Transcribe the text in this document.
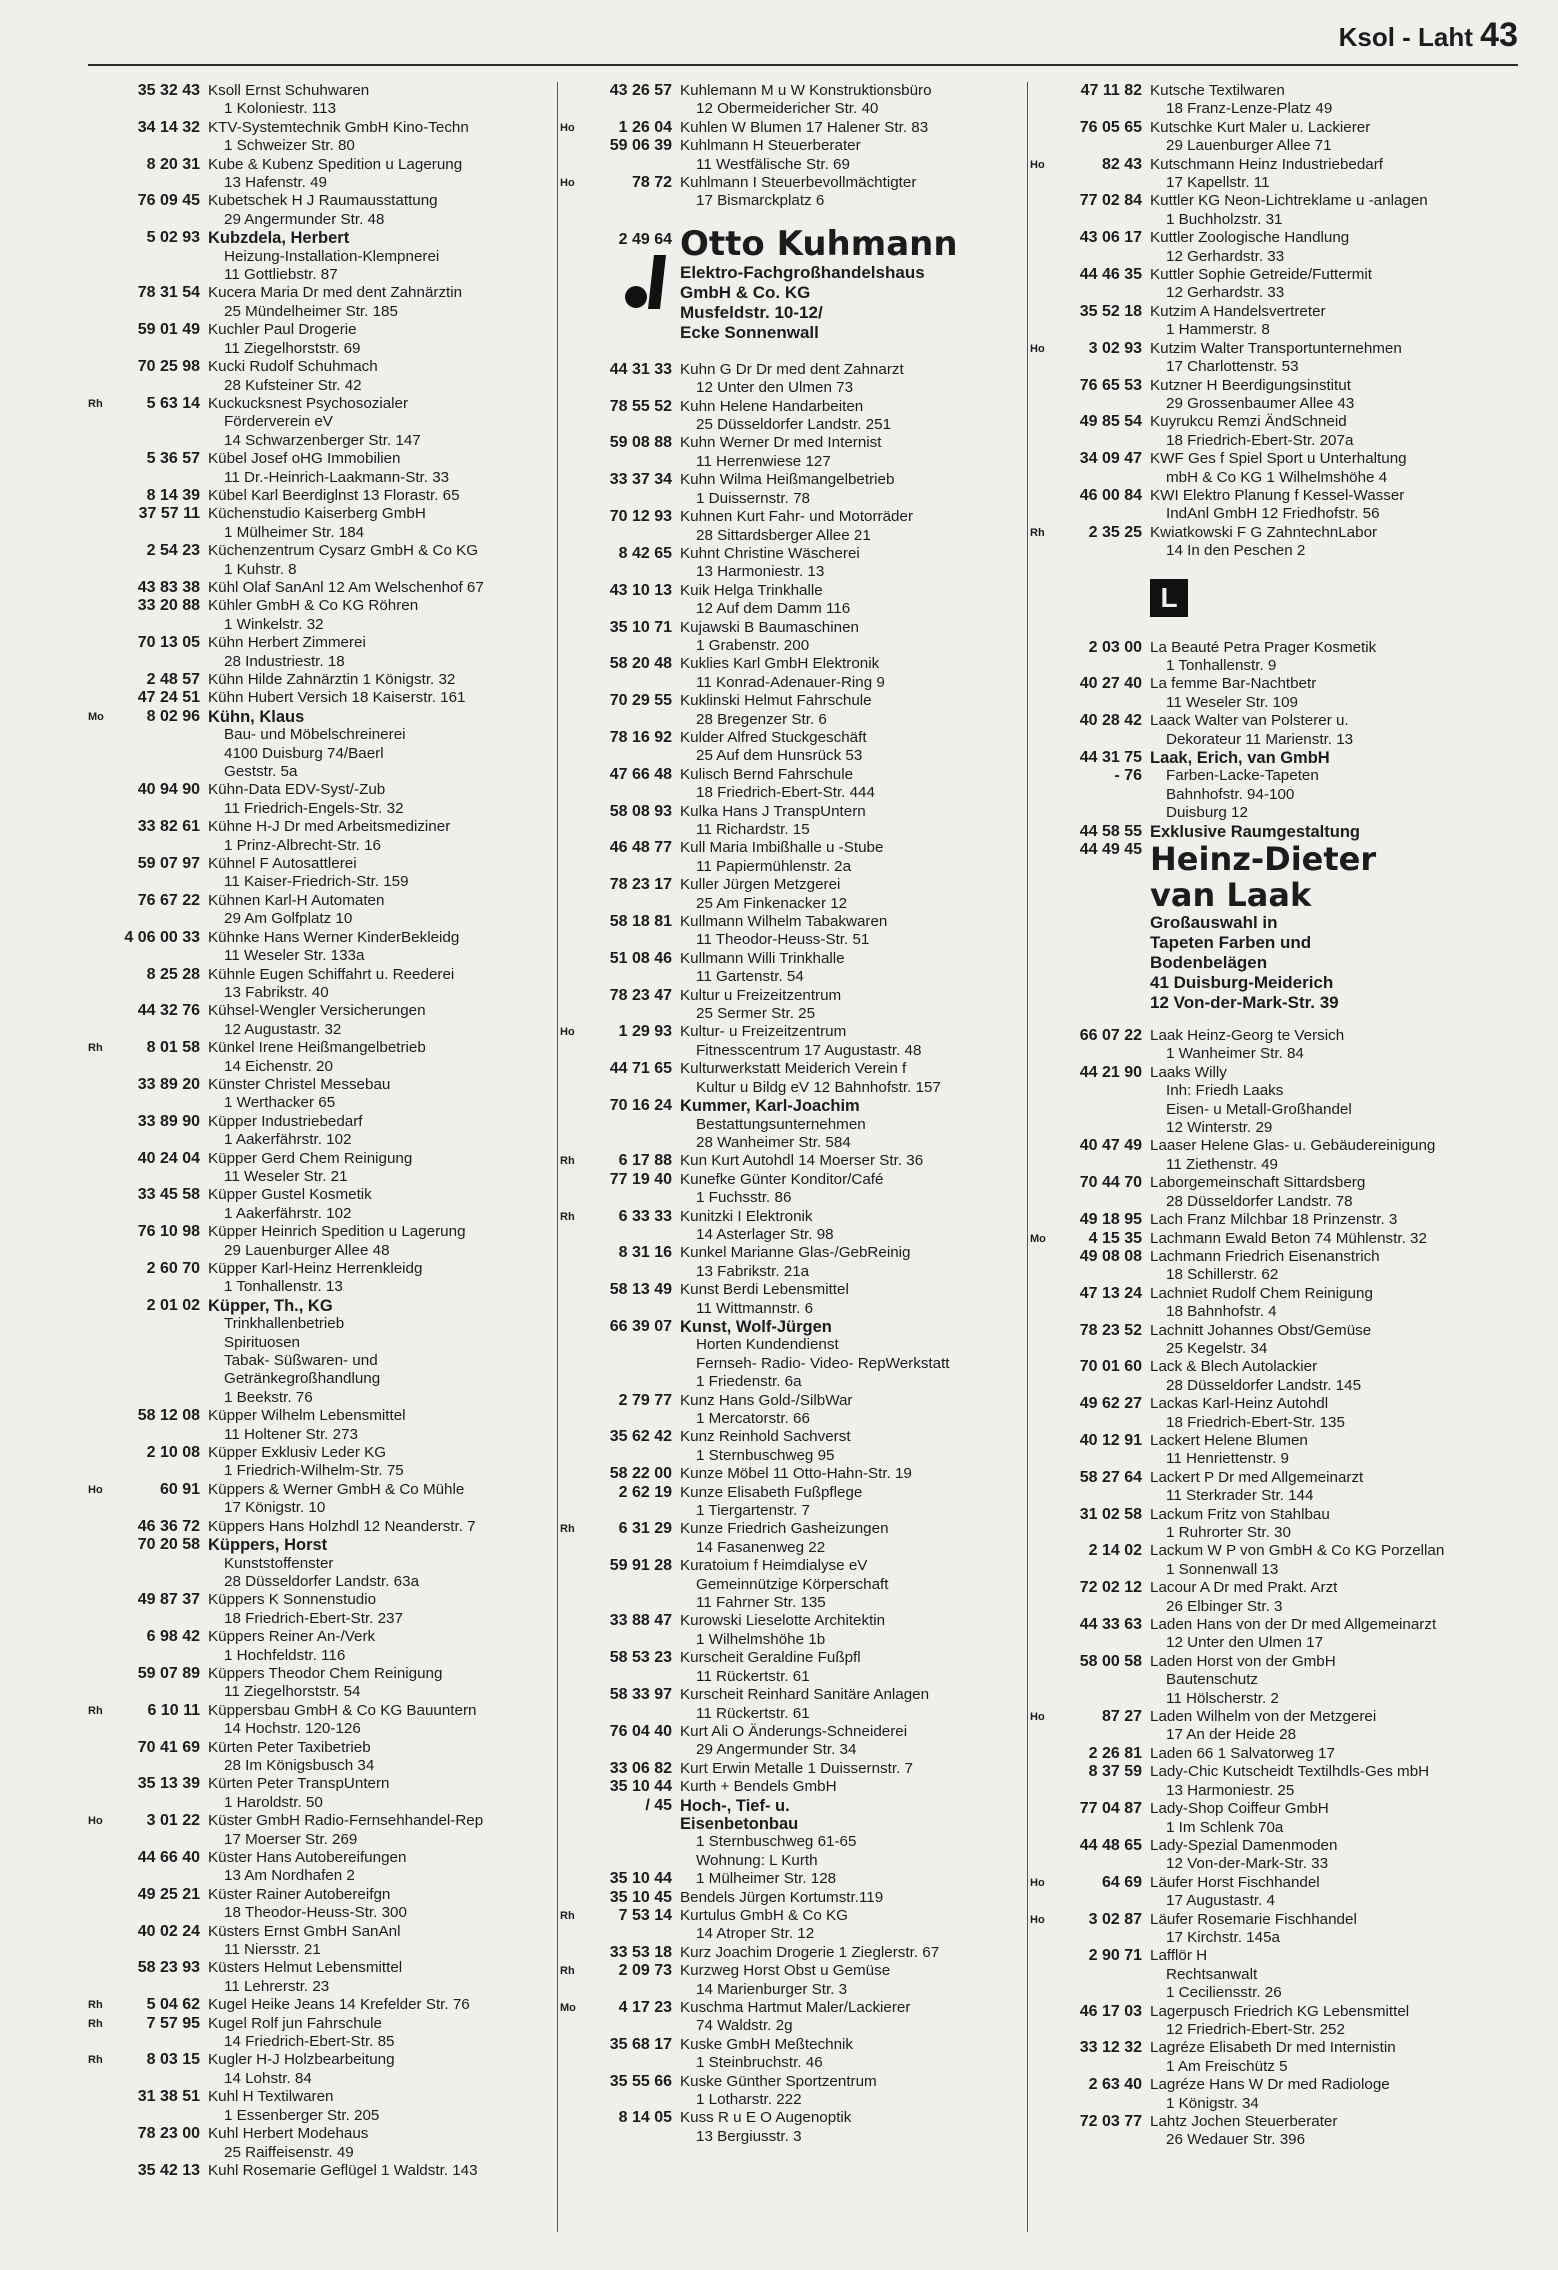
Ksol - Laht 43
35 32 43 Ksoll Ernst Schuhwaren
1 Koloniestr. 113
34 14 32 KTV-Systemtechnik GmbH Kino-Techn
1 Schweizer Str. 80
8 20 31 Kube & Kubenz Spedition u Lagerung
13 Hafenstr. 49
76 09 45 Kubetschek H J Raumausstattung
29 Angermunder Str. 48
5 02 93 Kubzdela, Herbert
Heizung-Installation-Klempnerei
11 Gottliebstr. 87
78 31 54 Kucera Maria Dr med dent Zahnärztin
25 Mündelheimer Str. 185
59 01 49 Kuchler Paul Drogerie
11 Ziegelhorststr. 69
70 25 98 Kucki Rudolf Schuhmach
28 Kufsteiner Str. 42
Rh	5 63 14 Kuckucksnest Psychosozialer
Förderverein eV
14 Schwarzenberger Str. 147
5 36 57 Kübel Josef oHG Immobilien
11 Dr.-Heinrich-Laakmann-Str. 33
8 14 39 Kübel Karl Beerdiglnst 13 Florastr. 65
37 57 11 Küchenstudio Kaiserberg GmbH
1 Mülheimer Str. 184
2 54 23 Küchenzentrum Cysarz GmbH & Co KG
1 Kuhstr. 8
43 83 38 Kühl Olaf SanAnl 12 Am Welschenhof 67
33 20 88 Kühler GmbH & Co KG Röhren
1 Winkelstr. 32
70 13 05 Kühn Herbert Zimmerei
28 Industriestr. 18
2 48 57 Kühn Hilde Zahnärztin 1 Königstr. 32
47 24 51 Kühn Hubert Versich 18 Kaiserstr. 161
Mo	8 02 96 Kühn, Klaus
Bau- und Möbelschreinerei
4100 Duisburg 74/Baerl
Geststr. 5a
40 94 90 Kühn-Data EDV-Syst/-Zub
11 Friedrich-Engels-Str. 32
33 82 61 Kühne H-J Dr med Arbeitsmediziner
1 Prinz-Albrecht-Str. 16
59 07 97 Kühnel F Autosattlerei
11 Kaiser-Friedrich-Str. 159
76 67 22 Kühnen Karl-H Automaten
29 Am Golfplatz 10
4 06 00 33 Kühnke Hans Werner KinderBekleidg
11 Weseler Str. 133a
8 25 28 Kühnle Eugen Schiffahrt u. Reederei
13 Fabrikstr. 40
44 32 76 Kühsel-Wengler Versicherungen
12 Augustastr. 32
Rh	8 01 58 Künkel Irene Heißmangelbetrieb
14 Eichenstr. 20
33 89 20 Künster Christel Messebau
1 Werthacker 65
33 89 90 Küpper Industriebedarf
1 Aakerfährstr. 102
40 24 04 Küpper Gerd Chem Reinigung
11 Weseler Str. 21
33 45 58 Küpper Gustel Kosmetik
1 Aakerfährstr. 102
76 10 98 Küpper Heinrich Spedition u Lagerung
29 Lauenburger Allee 48
2 60 70 Küpper Karl-Heinz Herrenkleidg
1 Tonhallenstr. 13
2 01 02 Küpper, Th., KG
Trinkhallenbetrieb
Spirituosen
Tabak- Süßwaren- und
Getränkegroßhandlung
1 Beekstr. 76
58 12 08 Küpper Wilhelm Lebensmittel
11 Holtener Str. 273
2 10 08 Küpper Exklusiv Leder KG
1 Friedrich-Wilhelm-Str. 75
Ho	60 91 Küppers & Werner GmbH & Co Mühle
17 Königstr. 10
46 36 72 Küppers Hans Holzhdl 12 Neanderstr. 7
70 20 58 Küppers, Horst
Kunststoffenster
28 Düsseldorfer Landstr. 63a
49 87 37 Küppers K Sonnenstudio
18 Friedrich-Ebert-Str. 237
6 98 42 Küppers Reiner An-/Verk
1 Hochfeldstr. 116
59 07 89 Küppers Theodor Chem Reinigung
11 Ziegelhorststr. 54
Rh	6 10 11 Küppersbau GmbH & Co KG Bauuntern
14 Hochstr. 120-126
70 41 69 Kürten Peter Taxibetrieb
28 Im Königsbusch 34
35 13 39 Kürten Peter TranspUntern
1 Haroldstr. 50
Ho	3 01 22 Küster GmbH Radio-Fernsehhandel-Rep
17 Moerser Str. 269
44 66 40 Küster Hans Autobereifungen
13 Am Nordhafen 2
49 25 21 Küster Rainer Autobereifgn
18 Theodor-Heuss-Str. 300
40 02 24 Küsters Ernst GmbH SanAnl
11 Niersstr. 21
58 23 93 Küsters Helmut Lebensmittel
11 Lehrerstr. 23
Rh	5 04 62 Kugel Heike Jeans 14 Krefelder Str. 76
Rh	7 57 95 Kugel Rolf jun Fahrschule
14 Friedrich-Ebert-Str. 85
Rh	8 03 15 Kugler H-J Holzbearbeitung
14 Lohstr. 84
31 38 51 Kuhl H Textilwaren
1 Essenberger Str. 205
78 23 00 Kuhl Herbert Modehaus
25 Raiffeisenstr. 49
35 42 13 Kuhl Rosemarie Geflügel 1 Waldstr. 143
43 26 57 Kuhlemann M u W Konstruktionsbüro
12 Obermeidericher Str. 40
Ho	1 26 04 Kuhlen W Blumen 17 Halener Str. 83
59 06 39 Kuhlmann H Steuerberater
11 Westfälische Str. 69
Ho	78 72 Kuhlmann I Steuerbevollmächtigter
17 Bismarckplatz 6
2 49 64 Otto Kuhmann
Elektro-Fachgroßhandelshaus
GmbH & Co. KG
Musfeldstr. 10-12/
Ecke Sonnenwall
44 31 33 Kuhn G Dr Dr med dent Zahnarzt
12 Unter den Ulmen 73
78 55 52 Kuhn Helene Handarbeiten
25 Düsseldorfer Landstr. 251
59 08 88 Kuhn Werner Dr med Internist
11 Herrenwiese 127
33 37 34 Kuhn Wilma Heißmangelbetrieb
1 Duissernstr. 78
70 12 93 Kuhnen Kurt Fahr- und Motorräder
28 Sittardsberger Allee 21
8 42 65 Kuhnt Christine Wäscherei
13 Harmoniestr. 13
43 10 13 Kuik Helga Trinkhalle
12 Auf dem Damm 116
35 10 71 Kujawski B Baumaschinen
1 Grabenstr. 200
58 20 48 Kuklies Karl GmbH Elektronik
11 Konrad-Adenauer-Ring 9
70 29 55 Kuklinski Helmut Fahrschule
28 Bregenzer Str. 6
78 16 92 Kulder Alfred Stuckgeschäft
25 Auf dem Hunsrück 53
47 66 48 Kulisch Bernd Fahrschule
18 Friedrich-Ebert-Str. 444
58 08 93 Kulka Hans J TranspUntern
11 Richardstr. 15
46 48 77 Kull Maria Imbißhalle u -Stube
11 Papiermühlenstr. 2a
78 23 17 Kuller Jürgen Metzgerei
25 Am Finkenacker 12
58 18 81 Kullmann Wilhelm Tabakwaren
11 Theodor-Heuss-Str. 51
51 08 46 Kullmann Willi Trinkhalle
11 Gartenstr. 54
78 23 47 Kultur u Freizeitzentrum
25 Sermer Str. 25
Ho	1 29 93 Kultur- u Freizeitzentrum
Fitnesscentrum 17 Augustastr. 48
44 71 65 Kulturwerkstatt Meiderich Verein f
Kultur u Bildg eV 12 Bahnhofstr. 157
70 16 24 Kummer, Karl-Joachim
Bestattungsunternehmen
28 Wanheimer Str. 584
Rh	6 17 88 Kun Kurt Autohdl 14 Moerser Str. 36
77 19 40 Kunefke Günter Konditor/Café
1 Fuchsstr. 86
Rh	6 33 33 Kunitzki I Elektronik
14 Asterlager Str. 98
8 31 16 Kunkel Marianne Glas-/GebReinig
13 Fabrikstr. 21a
58 13 49 Kunst Berdi Lebensmittel
11 Wittmannstr. 6
66 39 07 Kunst, Wolf-Jürgen
Horten Kundendienst
Fernseh- Radio- Video- RepWerkstatt
1 Friedenstr. 6a
2 79 77 Kunz Hans Gold-/SilbWar
1 Mercatorstr. 66
35 62 42 Kunz Reinhold Sachverst
1 Sternbuschweg 95
58 22 00 Kunze Möbel 11 Otto-Hahn-Str. 19
2 62 19 Kunze Elisabeth Fußpflege
1 Tiergartenstr. 7
Rh	6 31 29 Kunze Friedrich Gasheizungen
14 Fasanenweg 22
59 91 28 Kuratoium f Heimdialyse eV
Gemeinnützige Körperschaft
11 Fahrner Str. 135
33 88 47 Kurowski Lieselotte Architektin
1 Wilhelmshöhe 1b
58 53 23 Kurscheit Geraldine Fußpfl
11 Rückertstr. 61
58 33 97 Kurscheit Reinhard Sanitäre Anlagen
11 Rückertstr. 61
76 04 40 Kurt Ali O Änderungs-Schneiderei
29 Angermunder Str. 34
33 06 82 Kurt Erwin Metalle 1 Duissernstr. 7
35 10 44
/ 45
Kurth + Bendels GmbH
Hoch-, Tief- u.
Eisenbetonbau
1 Sternbuschweg 61-65
Wohnung: L Kurth
35 10 44	1 Mülheimer Str. 128
35 10 45 Bendels Jürgen Kortumstr.119
Rh	7 53 14 Kurtulus GmbH & Co KG
14 Atroper Str. 12
33 53 18 Kurz Joachim Drogerie 1 Zieglerstr. 67
Rh	2 09 73 Kurzweg Horst Obst u Gemüse
14 Marienburger Str. 3
Mo	4 17 23 Kuschma Hartmut Maler/Lackierer
74 Waldstr. 2g
35 68 17 Kuske GmbH Meßtechnik
1 Steinbruchstr. 46
35 55 66 Kuske Günther Sportzentrum
1 Lotharstr. 222
8 14 05 Kuss R u E O Augenoptik
13 Bergiusstr. 3
47 11 82 Kutsche Textilwaren
18 Franz-Lenze-Platz 49
76 05 65 Kutschke Kurt Maler u. Lackierer
29 Lauenburger Allee 71
Ho	82 43 Kutschmann Heinz Industriebedarf
17 Kapellstr. 11
77 02 84 Kuttler KG Neon-Lichtreklame u -anlagen
1 Buchholzstr. 31
43 06 17 Kuttler Zoologische Handlung
12 Gerhardstr. 33
44 46 35 Kuttler Sophie Getreide/Futtermit
12 Gerhardstr. 33
35 52 18 Kutzim A Handelsvertreter
1 Hammerstr. 8
Ho	3 02 93 Kutzim Walter Transportunternehmen
17 Charlottenstr. 53
76 65 53 Kutzner H Beerdigungsinstitut
29 Grossenbaumer Allee 43
49 85 54 Kuyrukcu Remzi ÄndSchneid
18 Friedrich-Ebert-Str. 207a
34 09 47 KWF Ges f Spiel Sport u Unterhaltung
mbH & Co KG 1 Wilhelmshöhe 4
46 00 84 KWI Elektro Planung f Kessel-Wasser
IndAnl GmbH 12 Friedhofstr. 56
Rh	2 35 25 Kwiatkowski F G ZahntechnLabor
14 In den Peschen 2
L
2 03 00 La Beauté Petra Prager Kosmetik
1 Tonhallenstr. 9
40 27 40 La femme Bar-Nachtbetr
11 Weseler Str. 109
40 28 42 Laack Walter van Polsterer u.
Dekorateur 11 Marienstr. 13
44 31 75
- 76
Laak, Erich, van GmbH
Farben-Lacke-Tapeten
Bahnhofstr. 94-100
Duisburg 12
44 58 55 Exklusive Raumgestaltung
44 49 45 Heinz-Dieter
van Laak
Großauswahl in
Tapeten Farben und
Bodenbelägen
41 Duisburg-Meiderich
12 Von-der-Mark-Str. 39
66 07 22 Laak Heinz-Georg te Versich
1 Wanheimer Str. 84
44 21 90 Laaks Willy
Inh: Friedh Laaks
Eisen- u Metall-Großhandel
12 Winterstr. 29
40 47 49 Laaser Helene Glas- u. Gebäudereinigung
11 Ziethenstr. 49
70 44 70 Laborgemeinschaft Sittardsberg
28 Düsseldorfer Landstr. 78
49 18 95 Lach Franz Milchbar 18 Prinzenstr. 3
Mo	4 15 35 Lachmann Ewald Beton 74 Mühlenstr. 32
49 08 08 Lachmann Friedrich Eisenanstrich
18 Schillerstr. 62
47 13 24 Lachniet Rudolf Chem Reinigung
18 Bahnhofstr. 4
78 23 52 Lachnitt Johannes Obst/Gemüse
25 Kegelstr. 34
70 01 60 Lack & Blech Autolackier
28 Düsseldorfer Landstr. 145
49 62 27 Lackas Karl-Heinz Autohdl
18 Friedrich-Ebert-Str. 135
40 12 91 Lackert Helene Blumen
11 Henriettenstr. 9
58 27 64 Lackert P Dr med Allgemeinarzt
11 Sterkrader Str. 144
31 02 58 Lackum Fritz von Stahlbau
1 Ruhrorter Str. 30
2 14 02 Lackum W P von GmbH & Co KG Porzellan
1 Sonnenwall 13
72 02 12 Lacour A Dr med Prakt. Arzt
26 Elbinger Str. 3
44 33 63 Laden Hans von der Dr med Allgemeinarzt
12 Unter den Ulmen 17
58 00 58 Laden Horst von der GmbH
Bautenschutz
11 Hölscherstr. 2
Ho	87 27 Laden Wilhelm von der Metzgerei
17 An der Heide 28
2 26 81 Laden 66 1 Salvatorweg 17
8 37 59 Lady-Chic Kutscheidt Textilhdls-Ges mbH
13 Harmoniestr. 25
77 04 87 Lady-Shop Coiffeur GmbH
1 Im Schlenk 70a
44 48 65 Lady-Spezial Damenmoden
12 Von-der-Mark-Str. 33
Ho	64 69 Läufer Horst Fischhandel
17 Augustastr. 4
Ho	3 02 87 Läufer Rosemarie Fischhandel
17 Kirchstr. 145a
2 90 71 Lafflör H
Rechtsanwalt
1 Ceciliensstr. 26
46 17 03 Lagerpusch Friedrich KG Lebensmittel
12 Friedrich-Ebert-Str. 252
33 12 32 Lagréze Elisabeth Dr med Internistin
1 Am Freischütz 5
2 63 40 Lagréze Hans W Dr med Radiologe
1 Königstr. 34
72 03 77 Lahtz Jochen Steuerberater
26 Wedauer Str. 396
